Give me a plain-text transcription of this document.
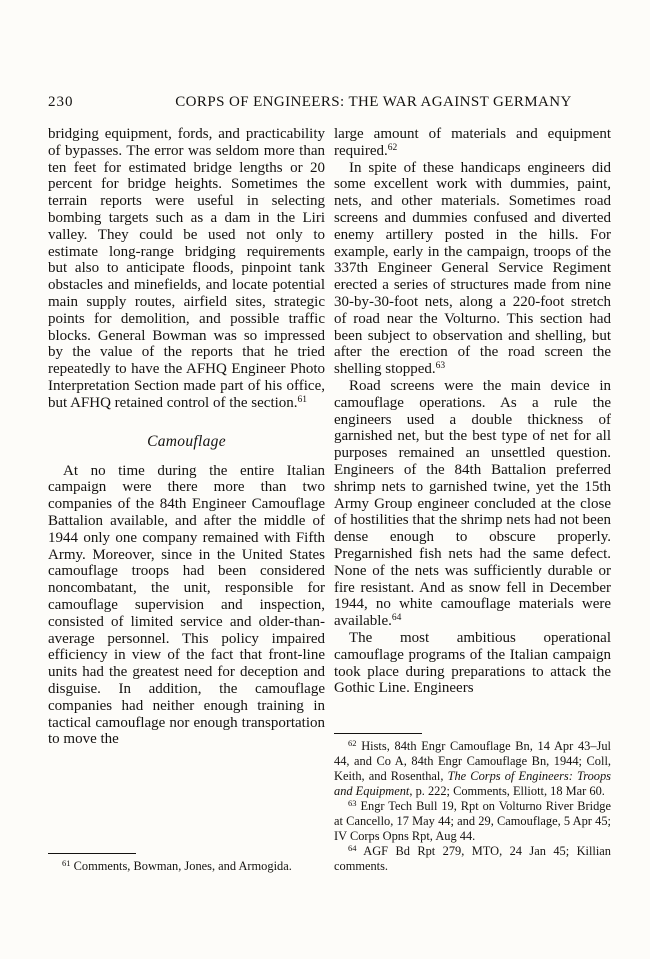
230	CORPS OF ENGINEERS: THE WAR AGAINST GERMANY

bridging equipment, fords, and practicability of bypasses. The error was seldom more than ten feet for estimated bridge lengths or 20 percent for bridge heights. Sometimes the terrain reports were useful in selecting bombing targets such as a dam in the Liri valley. They could be used not only to estimate long-range bridging requirements but also to anticipate floods, pinpoint tank obstacles and minefields, and locate potential main supply routes, airfield sites, strategic points for demolition, and possible traffic blocks. General Bowman was so impressed by the value of the reports that he tried repeatedly to have the AFHQ Engineer Photo Interpretation Section made part of his office, but AFHQ retained control of the section.$^{61}$

Camouflage

At no time during the entire Italian campaign were there more than two companies of the 84th Engineer Camouflage Battalion available, and after the middle of 1944 only one company remained with Fifth Army. Moreover, since in the United States camouflage troops had been considered noncombatant, the unit, responsible for camouflage supervision and inspection, consisted of limited service and older-than-average personnel. This policy impaired efficiency in view of the fact that front-line units had the greatest need for deception and disguise. In addition, the camouflage companies had neither enough training in tactical camouflage nor enough transportation to move the

$^{61}$ Comments, Bowman, Jones, and Armogida.

large amount of materials and equipment required.$^{62}$

In spite of these handicaps engineers did some excellent work with dummies, paint, nets, and other materials. Sometimes road screens and dummies confused and diverted enemy artillery posted in the hills. For example, early in the campaign, troops of the 337th Engineer General Service Regiment erected a series of structures made from nine 30-by-30-foot nets, along a 220-foot stretch of road near the Volturno. This section had been subject to observation and shelling, but after the erection of the road screen the shelling stopped.$^{63}$

Road screens were the main device in camouflage operations. As a rule the engineers used a double thickness of garnished net, but the best type of net for all purposes remained an unsettled question. Engineers of the 84th Battalion preferred shrimp nets to garnished twine, yet the 15th Army Group engineer concluded at the close of hostilities that the shrimp nets had not been dense enough to obscure properly. Pregarnished fish nets had the same defect. None of the nets was sufficiently durable or fire resistant. And as snow fell in December 1944, no white camouflage materials were available.$^{64}$

The most ambitious operational camouflage programs of the Italian campaign took place during preparations to attack the Gothic Line. Engineers

$^{62}$ Hists, 84th Engr Camouflage Bn, 14 Apr 43–Jul 44, and Co A, 84th Engr Camouflage Bn, 1944; Coll, Keith, and Rosenthal, The Corps of Engineers: Troops and Equipment, p. 222; Comments, Elliott, 18 Mar 60.

$^{63}$ Engr Tech Bull 19, Rpt on Volturno River Bridge at Cancello, 17 May 44; and 29, Camouflage, 5 Apr 45; IV Corps Opns Rpt, Aug 44.

$^{64}$ AGF Bd Rpt 279, MTO, 24 Jan 45; Killian comments.
